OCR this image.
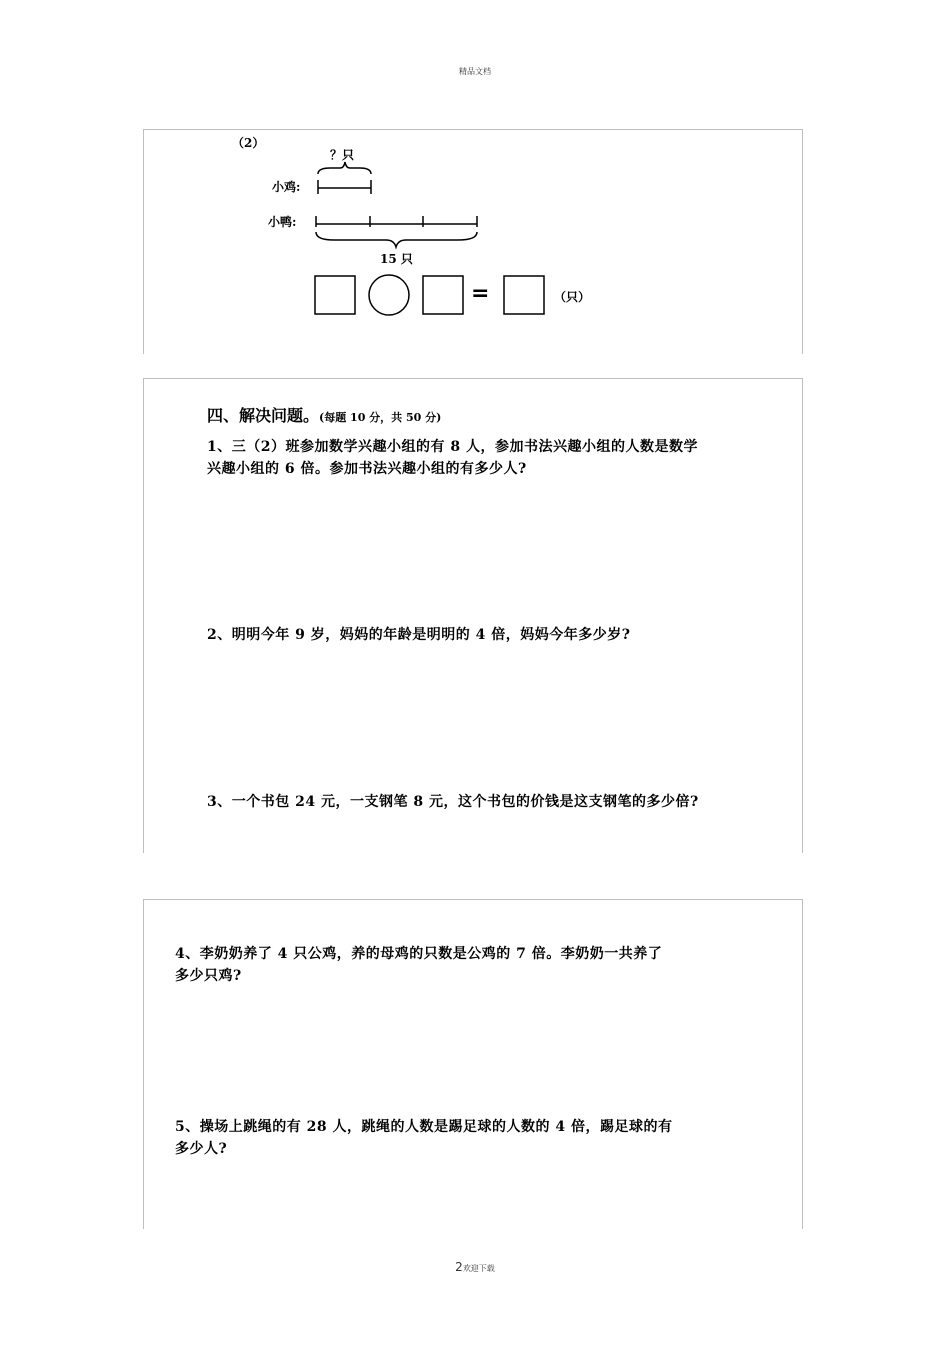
精品文档
（2）
？只
小鸡:
小鸭:
15 只
=	（只）
四、解决问题。(每题 10 分，共 50 分)
1、三（2）班参加数学兴趣小组的有 8 人，参加书法兴趣小组的人数是数学
兴趣小组的 6 倍。参加书法兴趣小组的有多少人?
2、明明今年 9 岁，妈妈的年龄是明明的 4 倍，妈妈今年多少岁?
3、一个书包 24 元，一支钢笔 8 元，这个书包的价钱是这支钢笔的多少倍?
4、李奶奶养了 4 只公鸡，养的母鸡的只数是公鸡的 7 倍。李奶奶一共养了
多少只鸡?
5、操场上跳绳的有 28 人，跳绳的人数是踢足球的人数的 4 倍，踢足球的有
多少人?
2欢迎下载
